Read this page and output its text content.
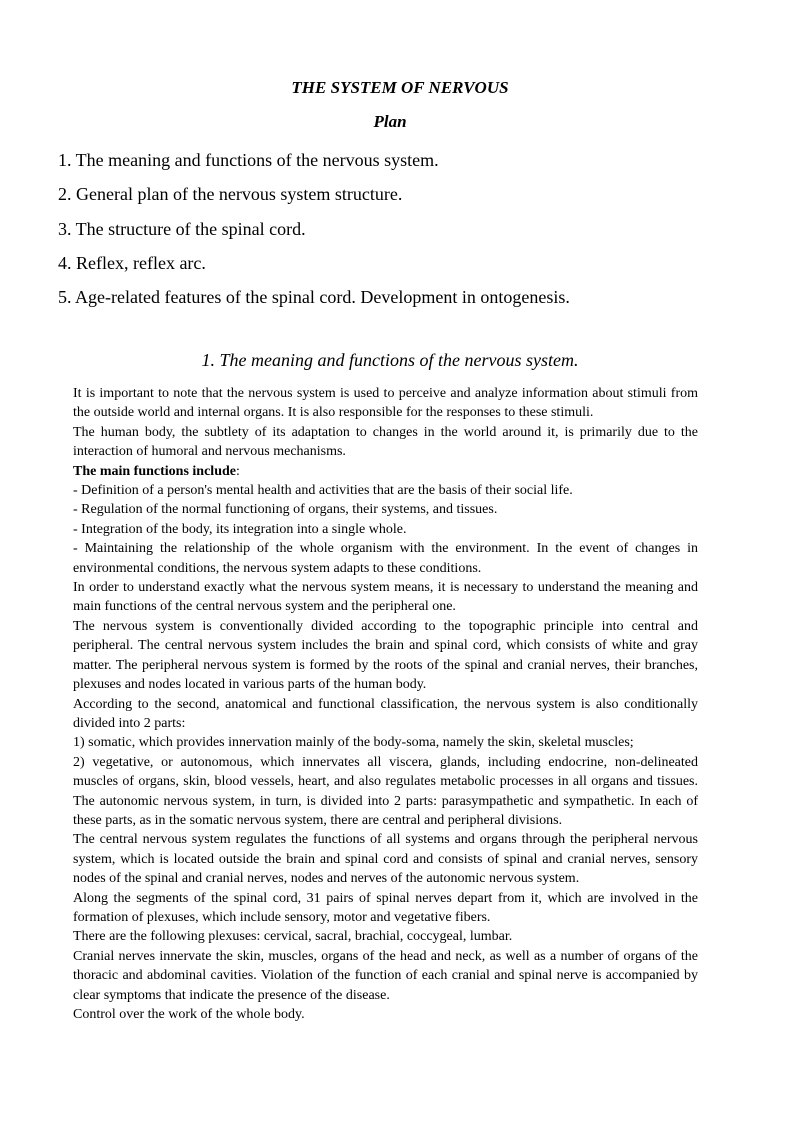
THE SYSTEM OF NERVOUS
Plan
1. The meaning and functions of the nervous system.
2. General plan of the nervous system structure.
3. The structure of the spinal cord.
4. Reflex, reflex arc.
5. Age-related features of the spinal cord. Development in ontogenesis.
1. The meaning and functions of the nervous system.

It is important to note that the nervous system is used to perceive and analyze information about stimuli from the outside world and internal organs. It is also responsible for the responses to these stimuli.

The human body, the subtlety of its adaptation to changes in the world around it, is primarily due to the interaction of humoral and nervous mechanisms.

The main functions include:

- Definition of a person's mental health and activities that are the basis of their social life.

- Regulation of the normal functioning of organs, their systems, and tissues.

- Integration of the body, its integration into a single whole.

- Maintaining the relationship of the whole organism with the environment. In the event of changes in environmental conditions, the nervous system adapts to these conditions.

In order to understand exactly what the nervous system means, it is necessary to understand the meaning and main functions of the central nervous system and the peripheral one.

The nervous system is conventionally divided according to the topographic principle into central and peripheral. The central nervous system includes the brain and spinal cord, which consists of white and gray matter. The peripheral nervous system is formed by the roots of the spinal and cranial nerves, their branches, plexuses and nodes located in various parts of the human body.

According to the second, anatomical and functional classification, the nervous system is also conditionally divided into 2 parts:

1) somatic, which provides innervation mainly of the body-soma, namely the skin, skeletal muscles;

2) vegetative, or autonomous, which innervates all viscera, glands, including endocrine, non-delineated muscles of organs, skin, blood vessels, heart, and also regulates metabolic processes in all organs and tissues. The autonomic nervous system, in turn, is divided into 2 parts: parasympathetic and sympathetic. In each of these parts, as in the somatic nervous system, there are central and peripheral divisions.

The central nervous system regulates the functions of all systems and organs through the peripheral nervous system, which is located outside the brain and spinal cord and consists of spinal and cranial nerves, sensory nodes of the spinal and cranial nerves, nodes and nerves of the autonomic nervous system.

Along the segments of the spinal cord, 31 pairs of spinal nerves depart from it, which are involved in the formation of plexuses, which include sensory, motor and vegetative fibers.

There are the following plexuses: cervical, sacral, brachial, coccygeal, lumbar.

Cranial nerves innervate the skin, muscles, organs of the head and neck, as well as a number of organs of the thoracic and abdominal cavities. Violation of the function of each cranial and spinal nerve is accompanied by clear symptoms that indicate the presence of the disease.

Control over the work of the whole body.
